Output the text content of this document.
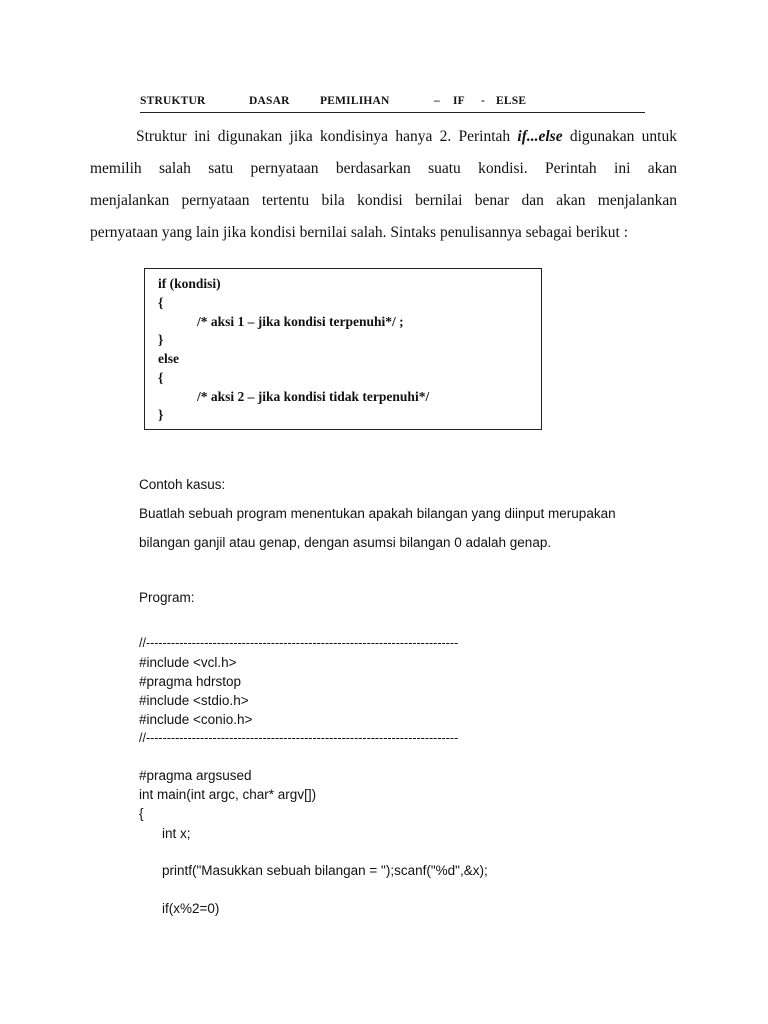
STRUKTUR	DASAR	PEMILIHAN	– IF - ELSE
Struktur ini digunakan jika kondisinya hanya 2. Perintah if...else digunakan untuk
memilih salah satu pernyataan berdasarkan suatu kondisi. Perintah ini akan
menjalankan pernyataan tertentu bila kondisi bernilai benar dan akan menjalankan
pernyataan yang lain jika kondisi bernilai salah. Sintaks penulisannya sebagai berikut :
if (kondisi)
{
/* aksi 1 – jika kondisi terpenuhi*/ ;
}
else
{
/* aksi 2 – jika kondisi tidak terpenuhi*/
}
Contoh kasus:
Buatlah sebuah program menentukan apakah bilangan yang diinput merupakan
bilangan ganjil atau genap, dengan asumsi bilangan 0 adalah genap.
Program:
//---------------------------------------------------------------------------
#include <vcl.h>
#pragma hdrstop
#include <stdio.h>
#include <conio.h>
//---------------------------------------------------------------------------
#pragma argsused
int main(int argc, char* argv[])
{
int x;
printf("Masukkan sebuah bilangan = ");scanf("%d",&x);
if(x%2=0)
